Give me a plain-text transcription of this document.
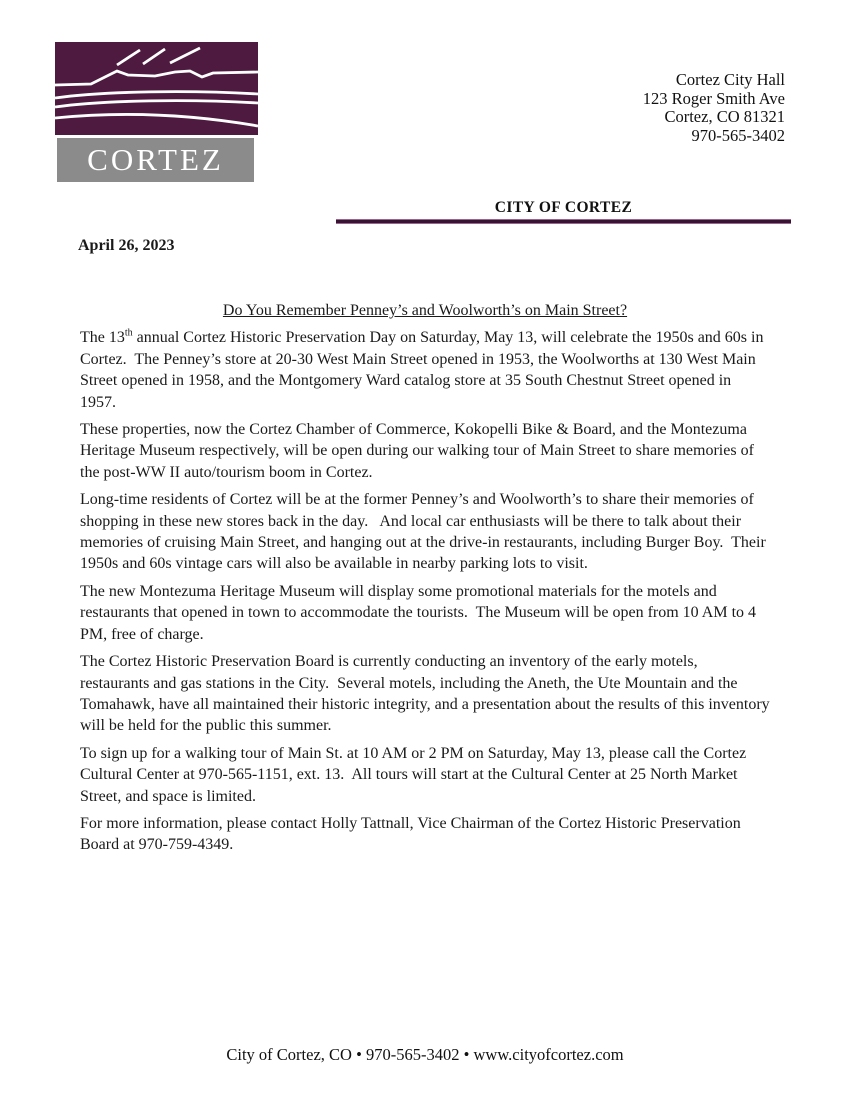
CORTEZ
Cortez City Hall
123 Roger Smith Ave
Cortez, CO 81321
970-565-3402
CITY OF CORTEZ
April 26, 2023
Do You Remember Penney’s and Woolworth’s on Main Street?

The 13th annual Cortez Historic Preservation Day on Saturday, May 13, will celebrate the 1950s and 60s in Cortez.  The Penney’s store at 20-30 West Main Street opened in 1953, the Woolworths at 130 West Main Street opened in 1958, and the Montgomery Ward catalog store at 35 South Chestnut Street opened in 1957.

These properties, now the Cortez Chamber of Commerce, Kokopelli Bike & Board, and the Montezuma Heritage Museum respectively, will be open during our walking tour of Main Street to share memories of the post-WW II auto/tourism boom in Cortez.

Long-time residents of Cortez will be at the former Penney’s and Woolworth’s to share their memories of shopping in these new stores back in the day.   And local car enthusiasts will be there to talk about their memories of cruising Main Street, and hanging out at the drive-in restaurants, including Burger Boy.  Their 1950s and 60s vintage cars will also be available in nearby parking lots to visit.

The new Montezuma Heritage Museum will display some promotional materials for the motels and restaurants that opened in town to accommodate the tourists.  The Museum will be open from 10 AM to 4 PM, free of charge.

The Cortez Historic Preservation Board is currently conducting an inventory of the early motels, restaurants and gas stations in the City.  Several motels, including the Aneth, the Ute Mountain and the Tomahawk, have all maintained their historic integrity, and a presentation about the results of this inventory will be held for the public this summer.

To sign up for a walking tour of Main St. at 10 AM or 2 PM on Saturday, May 13, please call the Cortez Cultural Center at 970-565-1151, ext. 13.  All tours will start at the Cultural Center at 25 North Market Street, and space is limited.

For more information, please contact Holly Tattnall, Vice Chairman of the Cortez Historic Preservation Board at 970-759-4349.

City of Cortez, CO • 970-565-3402 • www.cityofcortez.com
